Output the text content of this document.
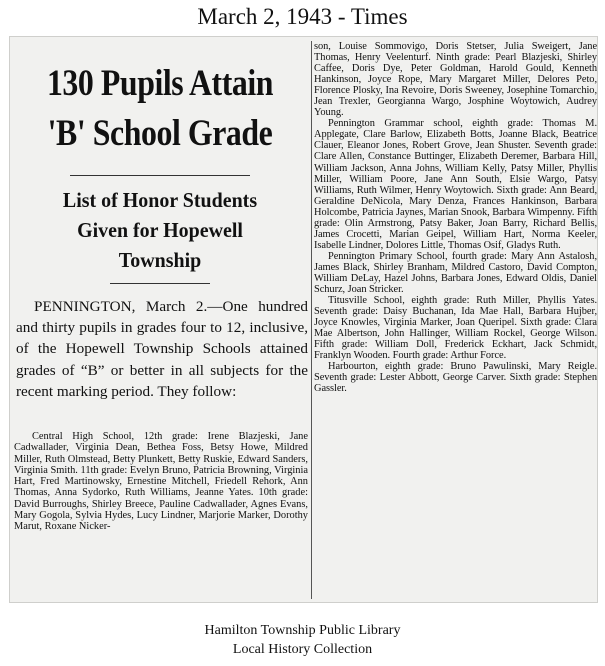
March 2, 1943 - Times
130 Pupils Attain
'B' School Grade
List of Honor Students
Given for Hopewell
Township
PENNINGTON, March 2.—One hundred and thirty pupils in grades four to 12, inclusive, of the Hopewell Township Schools attained grades of “B” or better in all subjects for the recent marking period. They follow:
Central High School, 12th grade: Irene Blazjeski, Jane Cadwallader, Virginia Dean, Bethea Foss, Betsy Howe, Mildred Miller, Ruth Olmstead, Betty Plunkett, Betty Ruskie, Edward Sanders, Virginia Smith. 11th grade: Evelyn Bruno, Patricia Browning, Virginia Hart, Fred Martinowsky, Ernestine Mitchell, Friedell Rehork, Ann Thomas, Anna Sydorko, Ruth Williams, Jeanne Yates. 10th grade: David Burroughs, Shirley Breece, Pauline Cadwallader, Agnes Evans, Mary Gogola, Sylvia Hydes, Lucy Lindner, Marjorie Marker, Dorothy Marut, Roxane Nicker-

son, Louise Sommovigo, Doris Stetser, Julia Sweigert, Jane Thomas, Henry Veelenturf. Ninth grade: Pearl Blazjeski, Shirley Caffee, Doris Dye, Peter Goldman, Harold Gould, Kenneth Hankinson, Joyce Rope, Mary Margaret Miller, Delores Peto, Florence Plosky, Ina Revoire, Doris Sweeney, Josephine Tomarchio, Jean Trexler, Georgianna Wargo, Josphine Woytowich, Audrey Young.

Pennington Grammar school, eighth grade: Thomas M. Applegate, Clare Barlow, Elizabeth Botts, Joanne Black, Beatrice Clauer, Eleanor Jones, Robert Grove, Jean Shuster. Seventh grade: Clare Allen, Constance Buttinger, Elizabeth Deremer, Barbara Hill, William Jackson, Anna Johns, William Kelly, Patsy Miller, Phyllis Miller, William Poore, Jane Ann South, Elsie Wargo, Patsy Williams, Ruth Wilmer, Henry Woytowich. Sixth grade: Ann Beard, Geraldine DeNicola, Mary Denza, Frances Hankinson, Barbara Holcombe, Patricia Jaynes, Marian Snook, Barbara Wimpenny. Fifth grade: Olin Armstrong, Patsy Baker, Joan Barry, Richard Bellis, James Crocetti, Marian Geipel, William Hart, Norma Keeler, Isabelle Lindner, Dolores Little, Thomas Osif, Gladys Ruth.

Pennington Primary School, fourth grade: Mary Ann Astalosh, James Black, Shirley Branham, Mildred Castoro, David Compton, William DeLay, Hazel Johns, Barbara Jones, Edward Oldis, Daniel Schurz, Joan Stricker.

Titusville School, eighth grade: Ruth Miller, Phyllis Yates. Seventh grade: Daisy Buchanan, Ida Mae Hall, Barbara Hujber, Joyce Knowles, Virginia Marker, Joan Queripel. Sixth grade: Clara Mae Albertson, John Hallinger, William Rockel, George Wilson. Fifth grade: William Doll, Frederick Eckhart, Jack Schmidt, Franklyn Wooden. Fourth grade: Arthur Force.

Harbourton, eighth grade: Bruno Pawulinski, Mary Reigle. Seventh grade: Lester Abbott, George Carver. Sixth grade: Stephen Gassler.

Hamilton Township Public Library
Local History Collection
